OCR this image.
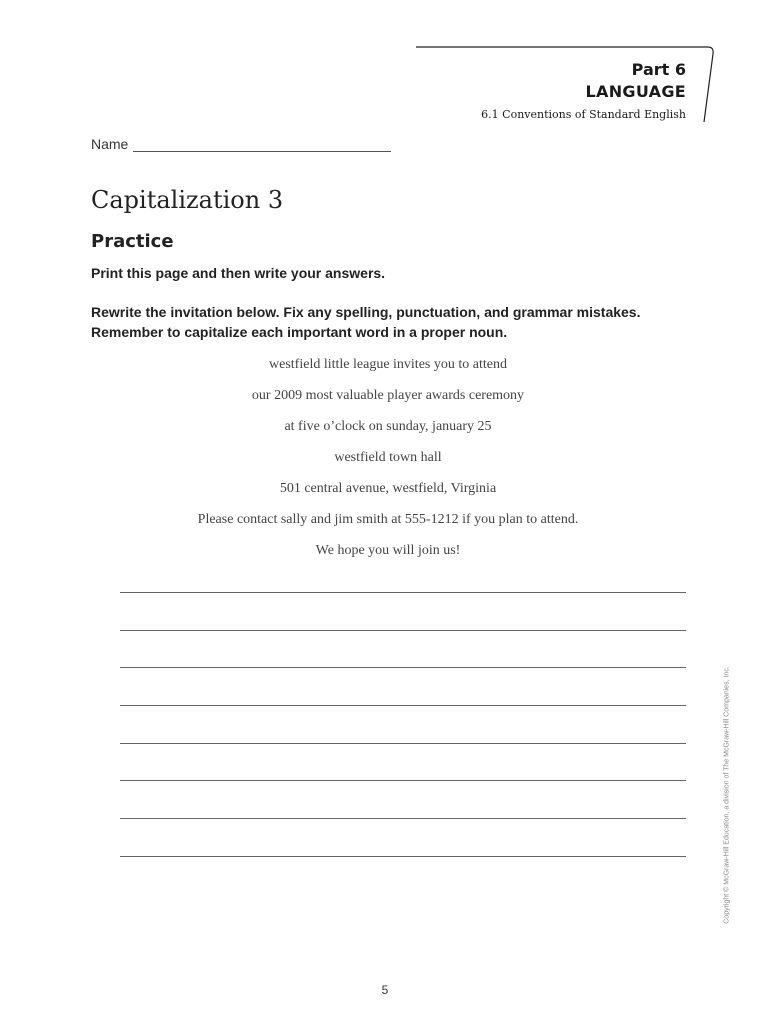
Part 6
LANGUAGE
6.1 Conventions of Standard English
Name
Capitalization 3
Practice

Print this page and then write your answers.

Rewrite the invitation below. Fix any spelling, punctuation, and grammar mistakes. Remember to capitalize each important word in a proper noun.

westfield little league invites you to attend
our 2009 most valuable player awards ceremony
at five o’clock on sunday, january 25
westfield town hall
501 central avenue, westfield, Virginia
Please contact sally and jim smith at 555-1212 if you plan to attend.
We hope you will join us!
Copyright © McGraw-Hill Education, a division of The McGraw-Hill Companies, Inc.
5
